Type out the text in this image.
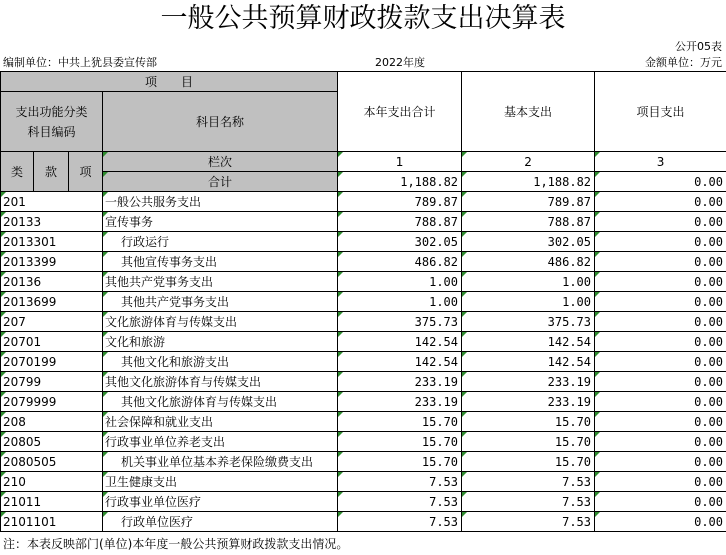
一般公共预算财政拨款支出决算表
公开05表
编制单位：中共上犹县委宣传部	2022年度	金额单位：万元
项　　目				本年支出合计	基本支出	项目支出
支出功能分类
科目编码			科目名称			

类	款	项	栏次	1	2	3
			合计	1,188.82	1,188.82	0.00
201			一般公共服务支出	789.87	789.87	0.00
20133			宣传事务	788.87	788.87	0.00
2013301			行政运行	302.05	302.05	0.00
2013399			其他宣传事务支出	486.82	486.82	0.00
20136			其他共产党事务支出	1.00	1.00	0.00
2013699			其他共产党事务支出	1.00	1.00	0.00
207			文化旅游体育与传媒支出	375.73	375.73	0.00
20701			文化和旅游	142.54	142.54	0.00
2070199			其他文化和旅游支出	142.54	142.54	0.00
20799			其他文化旅游体育与传媒支出	233.19	233.19	0.00
2079999			其他文化旅游体育与传媒支出	233.19	233.19	0.00
208			社会保障和就业支出	15.70	15.70	0.00
20805			行政事业单位养老支出	15.70	15.70	0.00
2080505			机关事业单位基本养老保险缴费支出	15.70	15.70	0.00
210			卫生健康支出	7.53	7.53	0.00
21011			行政事业单位医疗	7.53	7.53	0.00
2101101			行政单位医疗	7.53	7.53	0.00
注：本表反映部门(单位)本年度一般公共预算财政拨款支出情况。
